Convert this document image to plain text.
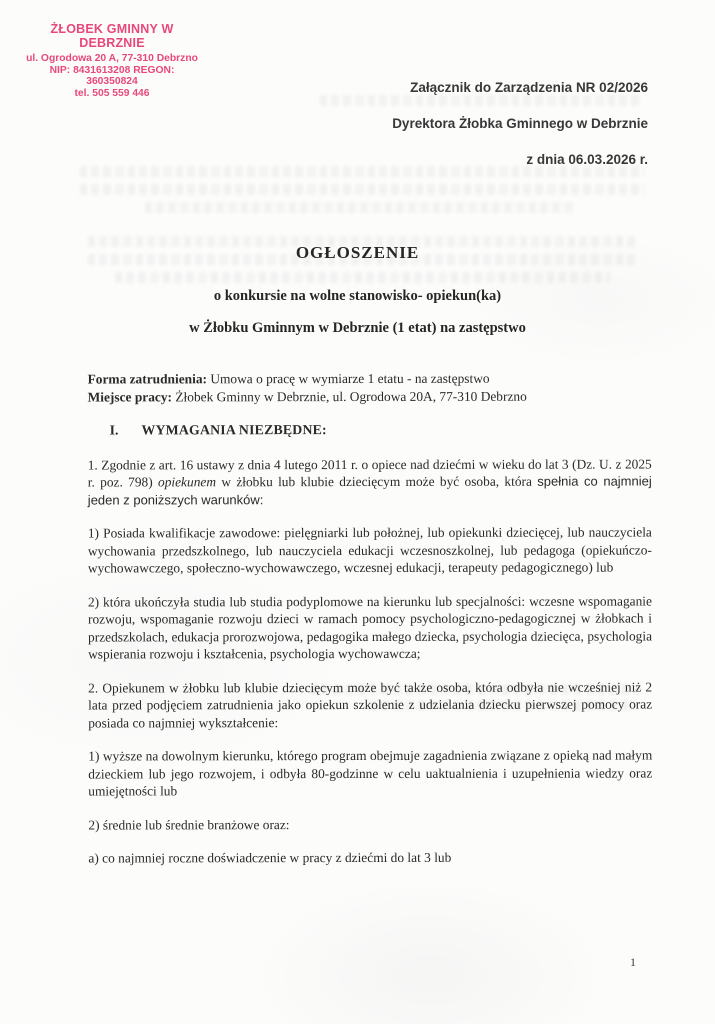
ŻŁOBEK GMINNY W DEBRZNIE
ul. Ogrodowa 20 A, 77-310 Debrzno
NIP: 8431613208 REGON: 360350824
tel. 505 559 446	Załącznik do Zarządzenia NR 02/2026
Dyrektora Żłobka Gminnego w Debrznie
z dnia 06.03.2026 r.
OGŁOSZENIE
o konkursie na wolne stanowisko- opiekun(ka)
w Żłobku Gminnym w Debrznie (1 etat) na zastępstwo
Forma zatrudnienia: Umowa o pracę w wymiarze 1 etatu - na zastępstwo
Miejsce pracy: Żłobek Gminny w Debrznie, ul. Ogrodowa 20A, 77-310 Debrzno
I. WYMAGANIA NIEZBĘDNE:

1. Zgodnie z art. 16 ustawy z dnia 4 lutego 2011 r. o opiece nad dziećmi w wieku do lat 3 (Dz. U. z 2025 r. poz. 798) opiekunem w żłobku lub klubie dziecięcym może być osoba, która spełnia co najmniej jeden z poniższych warunków:

1) Posiada kwalifikacje zawodowe: pielęgniarki lub położnej, lub opiekunki dziecięcej, lub nauczyciela wychowania przedszkolnego, lub nauczyciela edukacji wczesnoszkolnej, lub pedagoga (opiekuńczo-wychowawczego, społeczno-wychowawczego, wczesnej edukacji, terapeuty pedagogicznego) lub

2) która ukończyła studia lub studia podyplomowe na kierunku lub specjalności: wczesne wspomaganie rozwoju, wspomaganie rozwoju dzieci w ramach pomocy psychologiczno-pedagogicznej w żłobkach i przedszkolach, edukacja prorozwojowa, pedagogika małego dziecka, psychologia dziecięca, psychologia wspierania rozwoju i kształcenia, psychologia wychowawcza;

2. Opiekunem w żłobku lub klubie dziecięcym może być także osoba, która odbyła nie wcześniej niż 2 lata przed podjęciem zatrudnienia jako opiekun szkolenie z udzielania dziecku pierwszej pomocy oraz posiada co najmniej wykształcenie:

1) wyższe na dowolnym kierunku, którego program obejmuje zagadnienia związane z opieką nad małym dzieckiem lub jego rozwojem, i odbyła 80-godzinne w celu uaktualnienia i uzupełnienia wiedzy oraz umiejętności lub

2) średnie lub średnie branżowe oraz:

a) co najmniej roczne doświadczenie w pracy z dziećmi do lat 3 lub

1
